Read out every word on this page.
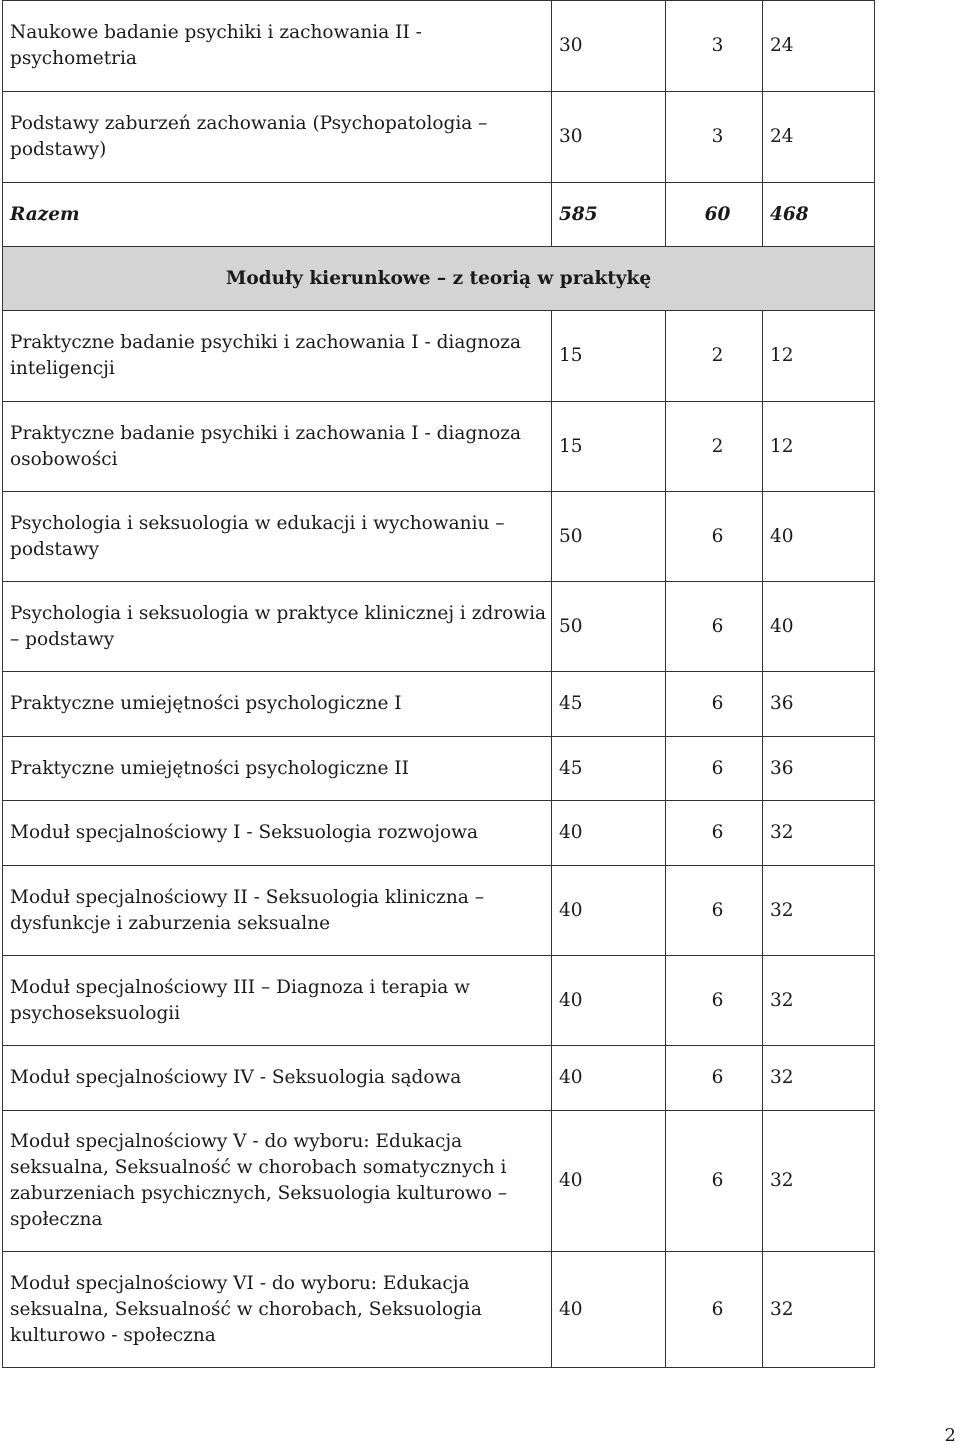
Naukowe badanie psychiki i zachowania II - psychometria	30	3	24
Podstawy zaburzeń zachowania (Psychopatologia – podstawy)	30	3	24
Razem	585	60	468
Moduły kierunkowe – z teorią w praktykę			
Praktyczne badanie psychiki i zachowania I - diagnoza inteligencji	15	2	12
Praktyczne badanie psychiki i zachowania I - diagnoza osobowości	15	2	12
Psychologia i seksuologia w edukacji i wychowaniu – podstawy	50	6	40
Psychologia i seksuologia w praktyce klinicznej i zdrowia – podstawy	50	6	40
Praktyczne umiejętności psychologiczne I	45	6	36
Praktyczne umiejętności psychologiczne II	45	6	36
Moduł specjalnościowy I - Seksuologia rozwojowa	40	6	32
Moduł specjalnościowy II - Seksuologia kliniczna – dysfunkcje i zaburzenia seksualne	40	6	32
Moduł specjalnościowy III – Diagnoza i terapia w psychoseksuologii	40	6	32
Moduł specjalnościowy IV - Seksuologia sądowa	40	6	32
Moduł specjalnościowy V - do wyboru: Edukacja seksualna, Seksualność w chorobach somatycznych i zaburzeniach psychicznych, Seksuologia kulturowo – społeczna	40	6	32
Moduł specjalnościowy VI - do wyboru: Edukacja seksualna, Seksualność w chorobach, Seksuologia kulturowo - społeczna	40	6	32
2
